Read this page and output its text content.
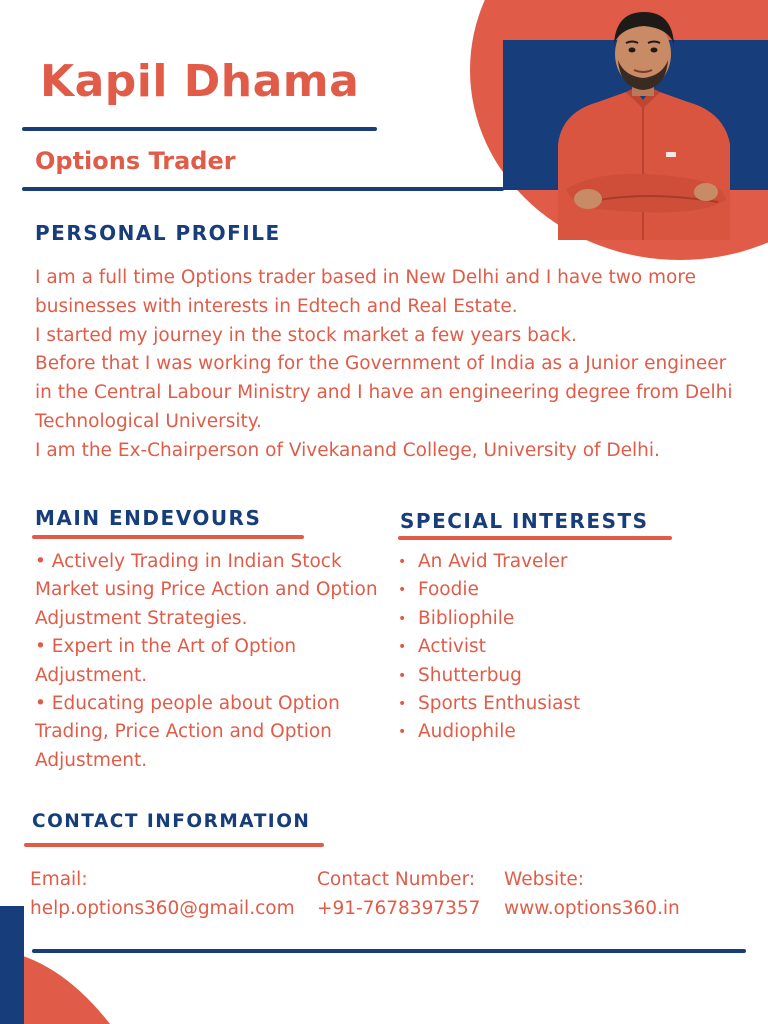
Kapil Dhama
Options Trader
PERSONAL PROFILE

I am a full time Options trader based in New Delhi and I have two more businesses with interests in Edtech and Real Estate.

I started my journey in the stock market a few years back.

Before that I was working for the Government of India as a Junior engineer in the Central Labour Ministry and I have an engineering degree from Delhi Technological University.

I am the Ex-Chairperson of Vivekanand College, University of Delhi.

MAIN ENDEVOURS
• Actively Trading in Indian Stock Market using Price Action and Option Adjustment Strategies.
• Expert in the Art of Option Adjustment.
• Educating people about Option Trading, Price Action and Option Adjustment.
SPECIAL INTERESTS
• An Avid Traveler
• Foodie
• Bibliophile
• Activist
• Shutterbug
• Sports Enthusiast
• Audiophile
CONTACT INFORMATION
Email:
help.options360@gmail.com
Contact Number:
+91-7678397357
Website:
www.options360.in
